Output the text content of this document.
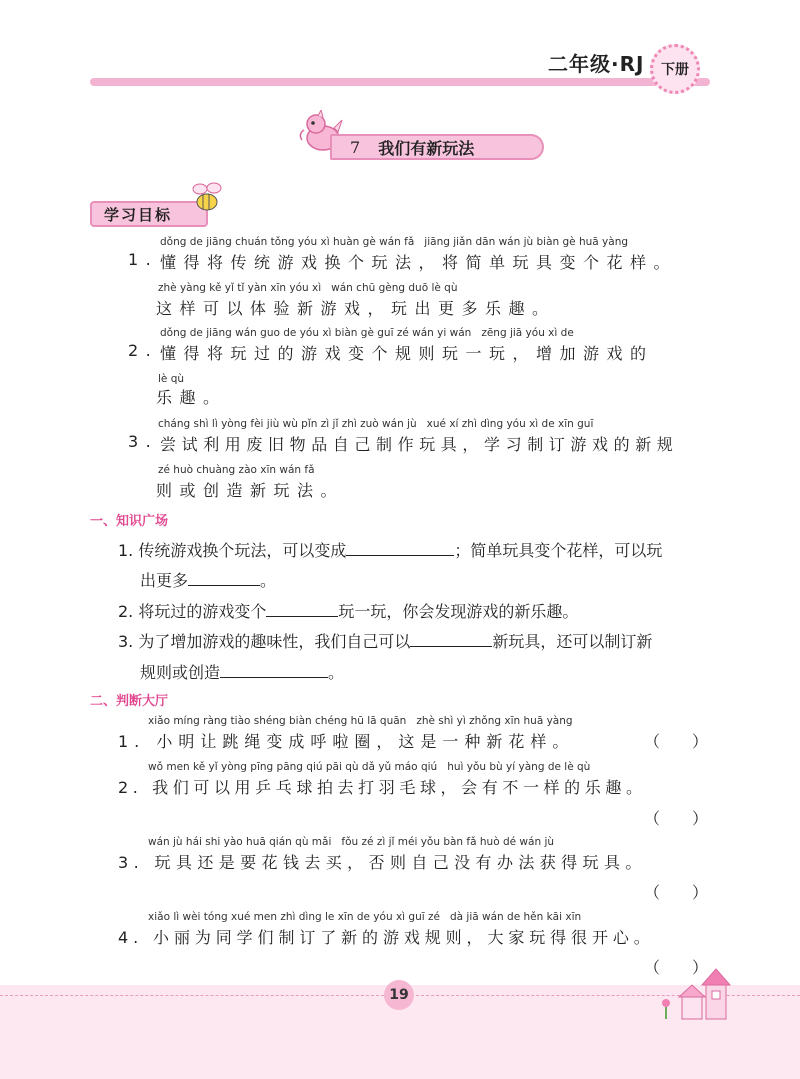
二年级·RJ	下册
7 我们有新玩法
学习目标
dǒng de jiāng chuán tǒng yóu xì huàn gè wán fǎ   jiāng jiǎn dān wán jù biàn gè huā yàng
1. 懂得将传统游戏换个玩法，将简单玩具变个花样。
zhè yàng kě yǐ tǐ yàn xīn yóu xì   wán chū gèng duō lè qù
这样可以体验新游戏，玩出更多乐趣。
dǒng de jiāng wán guo de yóu xì biàn gè guī zé wán yi wán   zēng jiā yóu xì de
2. 懂得将玩过的游戏变个规则玩一玩，增加游戏的
lè qù
乐趣。
cháng shì lì yòng fèi jiù wù pǐn zì jǐ zhì zuò wán jù   xué xí zhì dìng yóu xì de xīn guī
3. 尝试利用废旧物品自己制作玩具，学习制订游戏的新规
zé huò chuàng zào xīn wán fǎ
则或创造新玩法。
一、知识广场
1. 传统游戏换个玩法，可以变成	；简单玩具变个花样，可以玩
出更多	。
2. 将玩过的游戏变个	玩一玩，你会发现游戏的新乐趣。
3. 为了增加游戏的趣味性，我们自己可以	新玩具，还可以制订新
规则或创造	。
二、判断大厅
xiǎo míng ràng tiào shéng biàn chéng hū lā quān   zhè shì yì zhǒng xīn huā yàng
1. 小明让跳绳变成呼啦圈，这是一种新花样。	（　　）
wǒ men kě yǐ yòng pīng pāng qiú pāi qù dǎ yǔ máo qiú   huì yǒu bù yí yàng de lè qù
2. 我们可以用乒乓球拍去打羽毛球，会有不一样的乐趣。
（　　）
wán jù hái shi yào huā qián qù mǎi   fǒu zé zì jǐ méi yǒu bàn fǎ huò dé wán jù
3. 玩具还是要花钱去买，否则自己没有办法获得玩具。
（　　）
xiǎo lì wèi tóng xué men zhì dìng le xīn de yóu xì guī zé   dà jiā wán de hěn kāi xīn
4. 小丽为同学们制订了新的游戏规则，大家玩得很开心。
（　　）
19
